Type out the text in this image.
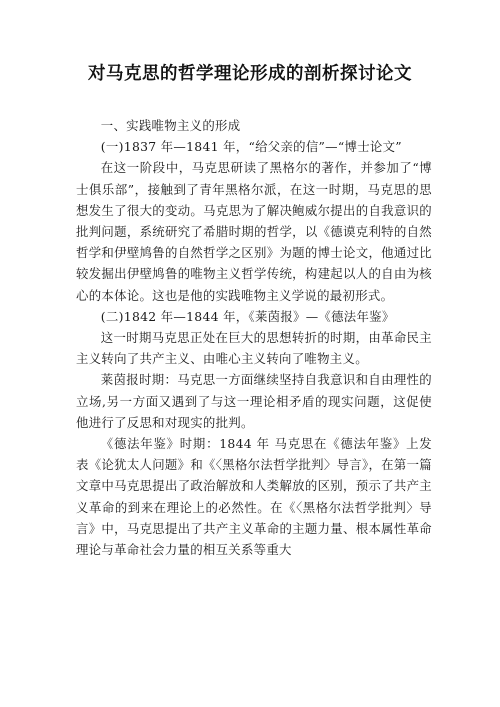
对马克思的哲学理论形成的剖析探讨论文

一、实践唯物主义的形成

(一)1837 年—1841 年，“给父亲的信”—“博士论文”

在这一阶段中，马克思研读了黑格尔的著作，并参加了“博士俱乐部”，接触到了青年黑格尔派，在这一时期，马克思的思想发生了很大的变动。马克思为了解决鲍威尔提出的自我意识的批判问题，系统研究了希腊时期的哲学，以《德谟克利特的自然哲学和伊壁鸠鲁的自然哲学之区别》为题的博士论文，他通过比较发掘出伊壁鸠鲁的唯物主义哲学传统，构建起以人的自由为核心的本体论。这也是他的实践唯物主义学说的最初形式。

(二)1842 年—1844 年，《莱茵报》—《德法年鉴》

这一时期马克思正处在巨大的思想转折的时期，由革命民主主义转向了共产主义、由唯心主义转向了唯物主义。

莱茵报时期：马克思一方面继续坚持自我意识和自由理性的立场,另一方面又遇到了与这一理论相矛盾的现实问题，这促使他进行了反思和对现实的批判。

《德法年鉴》时期：1844 年 马克思在《德法年鉴》上发表《论犹太人问题》和《〈黑格尔法哲学批判〉导言》，在第一篇文章中马克思提出了政治解放和人类解放的区别，预示了共产主义革命的到来在理论上的必然性。在《〈黑格尔法哲学批判〉导言》中，马克思提出了共产主义革命的主题力量、根本属性革命理论与革命社会力量的相互关系等重大
